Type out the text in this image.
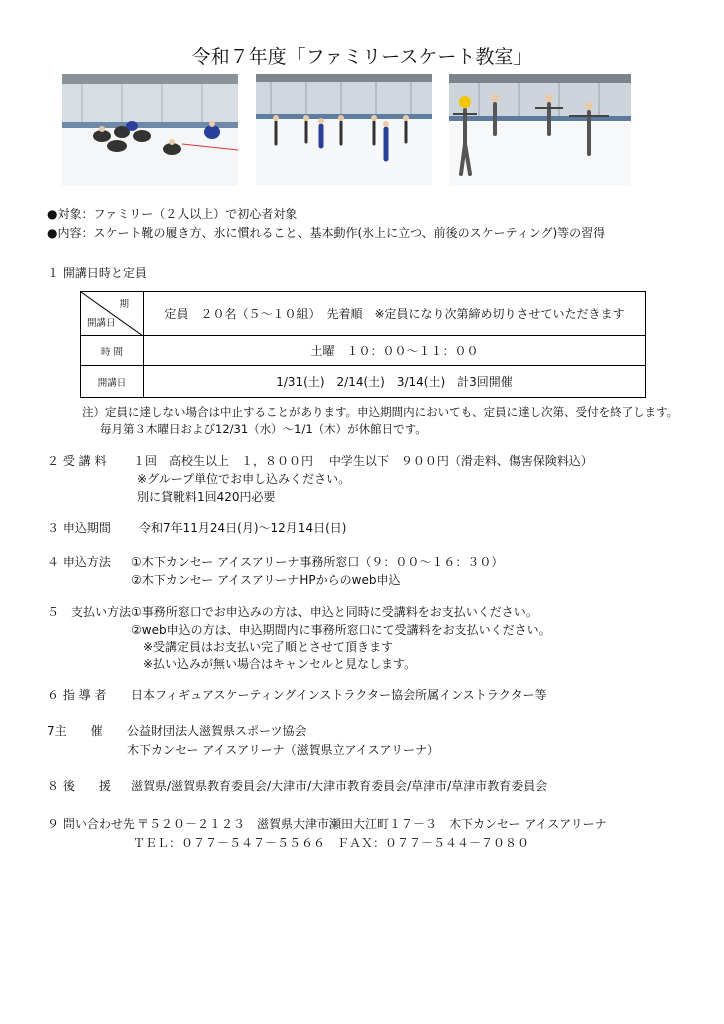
令和７年度「ファミリースケート教室」
●対象：ファミリー（２人以上）で初心者対象
●内容：スケート靴の履き方、氷に慣れること、基本動作(氷上に立つ、前後のスケーティング)等の習得
１ 開講日時と定員
期
開講日	定員　２０名（５～１０組）　先着順　※定員になり次第締め切りさせていただきます
時 間	土曜　１０：００～１１：００
開講日	1/31(土)　2/14(土)　3/14(土)　計3回開催
注）定員に達しない場合は中止することがあります。申込期間内においても、定員に達し次第、受付を終了します。
毎月第３木曜日および12/31（水）～1/1（木）が休館日です。
２ 受 講 料 １回　高校生以上　１，８００円　 中学生以下　９００円（滑走料、傷害保険料込）
※グループ単位でお申し込みください。
別に貸靴料1回420円必要
３ 申込期間 令和7年11月24日(月)～12月14日(日)
４ 申込方法 ①木下カンセー アイスアリーナ事務所窓口（９：００～１６：３０）
②木下カンセー アイスアリーナHPからのweb申込
５　支払い方法 ①事務所窓口でお申込みの方は、申込と同時に受講料をお支払いください。
②web申込の方は、申込期間内に事務所窓口にて受講料をお支払いください。
※受講定員はお支払い完了順とさせて頂きます
※払い込みが無い場合はキャンセルと見なします。
６ 指 導 者 日本フィギュアスケーティングインストラクター協会所属インストラクター等
7主　　催 公益財団法人滋賀県スポーツ協会
木下カンセー アイスアリーナ（滋賀県立アイスアリーナ）
８ 後　　援 滋賀県/滋賀県教育委員会/大津市/大津市教育委員会/草津市/草津市教育委員会
９ 問い合わせ先 〒５２０－２１２３　滋賀県大津市瀬田大江町１７－３　木下カンセー アイスアリーナ
ＴＥＬ：０７７－５４７－５５６６　ＦＡＸ：０７７－５４４－７０８０
